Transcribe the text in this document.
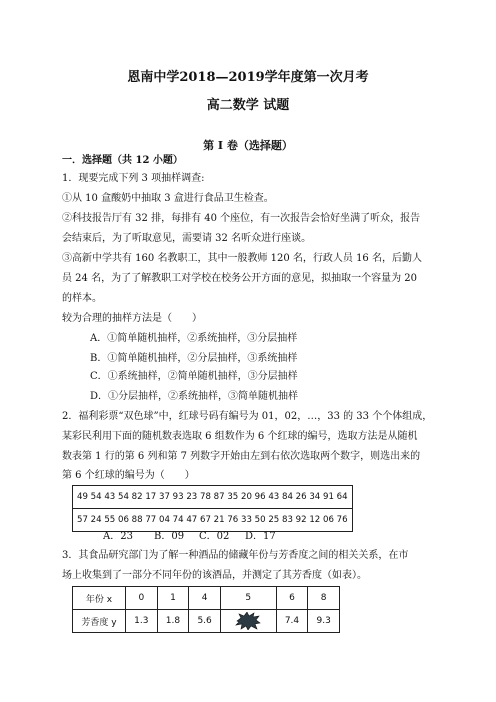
恩南中学2018—2019学年度第一次月考
高二数学 试题
第 I 卷（选择题）
一．选择题（共 12 小题）
1．现要完成下列 3 项抽样调查:
①从 10 盒酸奶中抽取 3 盒进行食品卫生检查。
②科技报告厅有 32 排，每排有 40 个座位，有一次报告会恰好坐满了听众，报告
会结束后，为了听取意见，需要请 32 名听众进行座谈。
③高新中学共有 160 名教职工，其中一般教师 120 名，行政人员 16 名，后勤人
员 24 名，为了了解教职工对学校在校务公开方面的意见，拟抽取一个容量为 20
的样本。
较为合理的抽样方法是（　　）
A．①简单随机抽样，②系统抽样，③分层抽样
B．①简单随机抽样，②分层抽样，③系统抽样
C．①系统抽样，②简单随机抽样，③分层抽样
D．①分层抽样，②系统抽样，③简单随机抽样
2．福利彩票“双色球”中，红球号码有编号为 01，02，…，33 的 33 个个体组成，
某彩民利用下面的随机数表选取 6 组数作为 6 个红球的编号，选取方法是从随机
数表第 1 行的第 6 列和第 7 列数字开始由左到右依次选取两个数字，则选出来的
第 6 个红球的编号为（　　）
49 54 43 54 82 17 37 93 23 78 87 35 20 96 43 84 26 34 91 64
57 24 55 06 88 77 04 74 47 67 21 76 33 50 25 83 92 12 06 76
A．23 B．09 C．02 D．17
3．其食品研究部门为了解一种酒品的储藏年份与芳香度之间的相关关系，在市
场上收集到了一部分不同年份的该酒品，并测定了其芳香度（如表）。
年份 x	0	1	4	5	6	8
芳香度 y	1.3	1.8	5.6		7.4	9.3
